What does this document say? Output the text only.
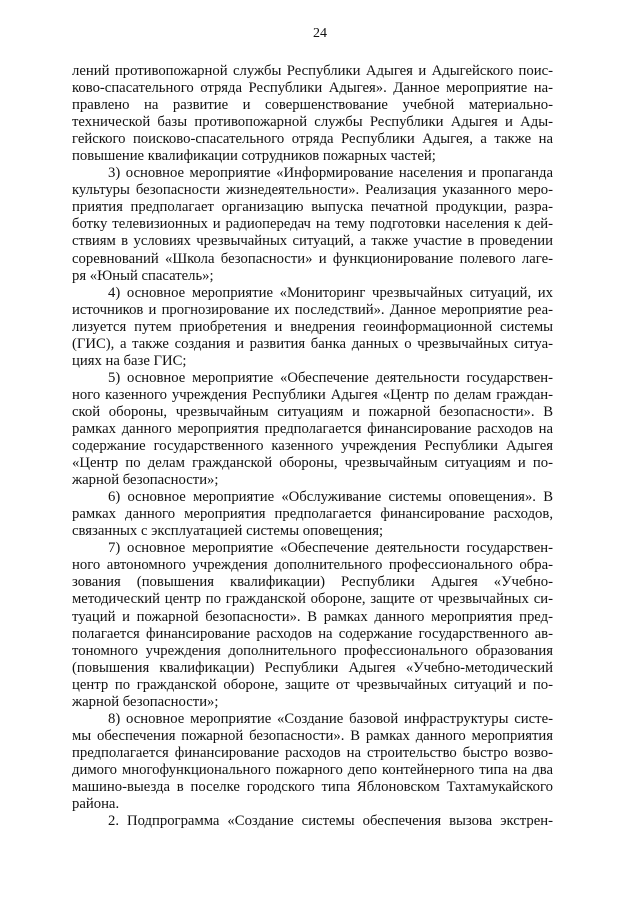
24
лений противопожарной службы Республики Адыгея и Адыгейского поис-
ково-спасательного отряда Республики Адыгея». Данное мероприятие на-
правлено на развитие и совершенствование учебной материально-
технической базы противопожарной службы Республики Адыгея и Ады-
гейского поисково-спасательного отряда Республики Адыгея, а также на
повышение квалификации сотрудников пожарных частей;
3) основное мероприятие «Информирование населения и пропаганда
культуры безопасности жизнедеятельности». Реализация указанного меро-
приятия предполагает организацию выпуска печатной продукции, разра-
ботку телевизионных и радиопередач на тему подготовки населения к дей-
ствиям в условиях чрезвычайных ситуаций, а также участие в проведении
соревнований «Школа безопасности» и функционирование полевого лаге-
ря «Юный спасатель»;
4) основное мероприятие «Мониторинг чрезвычайных ситуаций, их
источников и прогнозирование их последствий». Данное мероприятие реа-
лизуется путем приобретения и внедрения геоинформационной системы
(ГИС), а также создания и развития банка данных о чрезвычайных ситуа-
циях на базе ГИС;
5) основное мероприятие «Обеспечение деятельности государствен-
ного казенного учреждения Республики Адыгея «Центр по делам граждан-
ской обороны, чрезвычайным ситуациям и пожарной безопасности». В
рамках данного мероприятия предполагается финансирование расходов на
содержание государственного казенного учреждения Республики Адыгея
«Центр по делам гражданской обороны, чрезвычайным ситуациям и по-
жарной безопасности»;
6) основное мероприятие «Обслуживание системы оповещения». В
рамках данного мероприятия предполагается финансирование расходов,
связанных с эксплуатацией системы оповещения;
7) основное мероприятие «Обеспечение деятельности государствен-
ного автономного учреждения дополнительного профессионального обра-
зования (повышения квалификации) Республики Адыгея «Учебно-
методический центр по гражданской обороне, защите от чрезвычайных си-
туаций и пожарной безопасности». В рамках данного мероприятия пред-
полагается финансирование расходов на содержание государственного ав-
тономного учреждения дополнительного профессионального образования
(повышения квалификации) Республики Адыгея «Учебно-методический
центр по гражданской обороне, защите от чрезвычайных ситуаций и по-
жарной безопасности»;
8) основное мероприятие «Создание базовой инфраструктуры систе-
мы обеспечения пожарной безопасности». В рамках данного мероприятия
предполагается финансирование расходов на строительство быстро возво-
димого многофункционального пожарного депо контейнерного типа на два
машино-выезда в поселке городского типа Яблоновском Тахтамукайского
района.
2. Подпрограмма «Создание системы обеспечения вызова экстрен-
